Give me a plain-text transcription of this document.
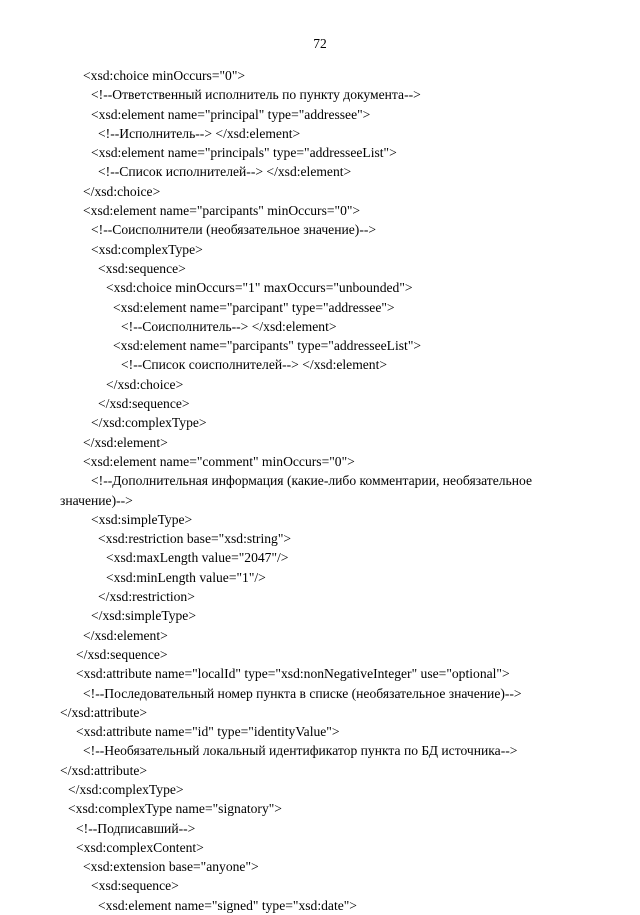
72
<xsd:choice minOccurs="0">
<!--Ответственный исполнитель по пункту документа-->
<xsd:element name="principal" type="addressee">
<!--Исполнитель--> </xsd:element>
<xsd:element name="principals" type="addresseeList">
<!--Список исполнителей--> </xsd:element>
</xsd:choice>
<xsd:element name="parcipants" minOccurs="0">
<!--Соисполнители (необязательное значение)-->
<xsd:complexType>
<xsd:sequence>
<xsd:choice minOccurs="1" maxOccurs="unbounded">
<xsd:element name="parcipant" type="addressee">
<!--Соисполнитель--> </xsd:element>
<xsd:element name="parcipants" type="addresseeList">
<!--Список соисполнителей--> </xsd:element>
</xsd:choice>
</xsd:sequence>
</xsd:complexType>
</xsd:element>
<xsd:element name="comment" minOccurs="0">
<!--Дополнительная информация (какие-либо комментарии, необязательное
значение)-->
<xsd:simpleType>
<xsd:restriction base="xsd:string">
<xsd:maxLength value="2047"/>
<xsd:minLength value="1"/>
</xsd:restriction>
</xsd:simpleType>
</xsd:element>
</xsd:sequence>
<xsd:attribute name="localId" type="xsd:nonNegativeInteger" use="optional">
<!--Последовательный номер пункта в списке (необязательное значение)-->
</xsd:attribute>
<xsd:attribute name="id" type="identityValue">
<!--Необязательный локальный идентификатор пункта по БД источника-->
</xsd:attribute>
</xsd:complexType>
<xsd:complexType name="signatory">
<!--Подписавший-->
<xsd:complexContent>
<xsd:extension base="anyone">
<xsd:sequence>
<xsd:element name="signed" type="xsd:date">
